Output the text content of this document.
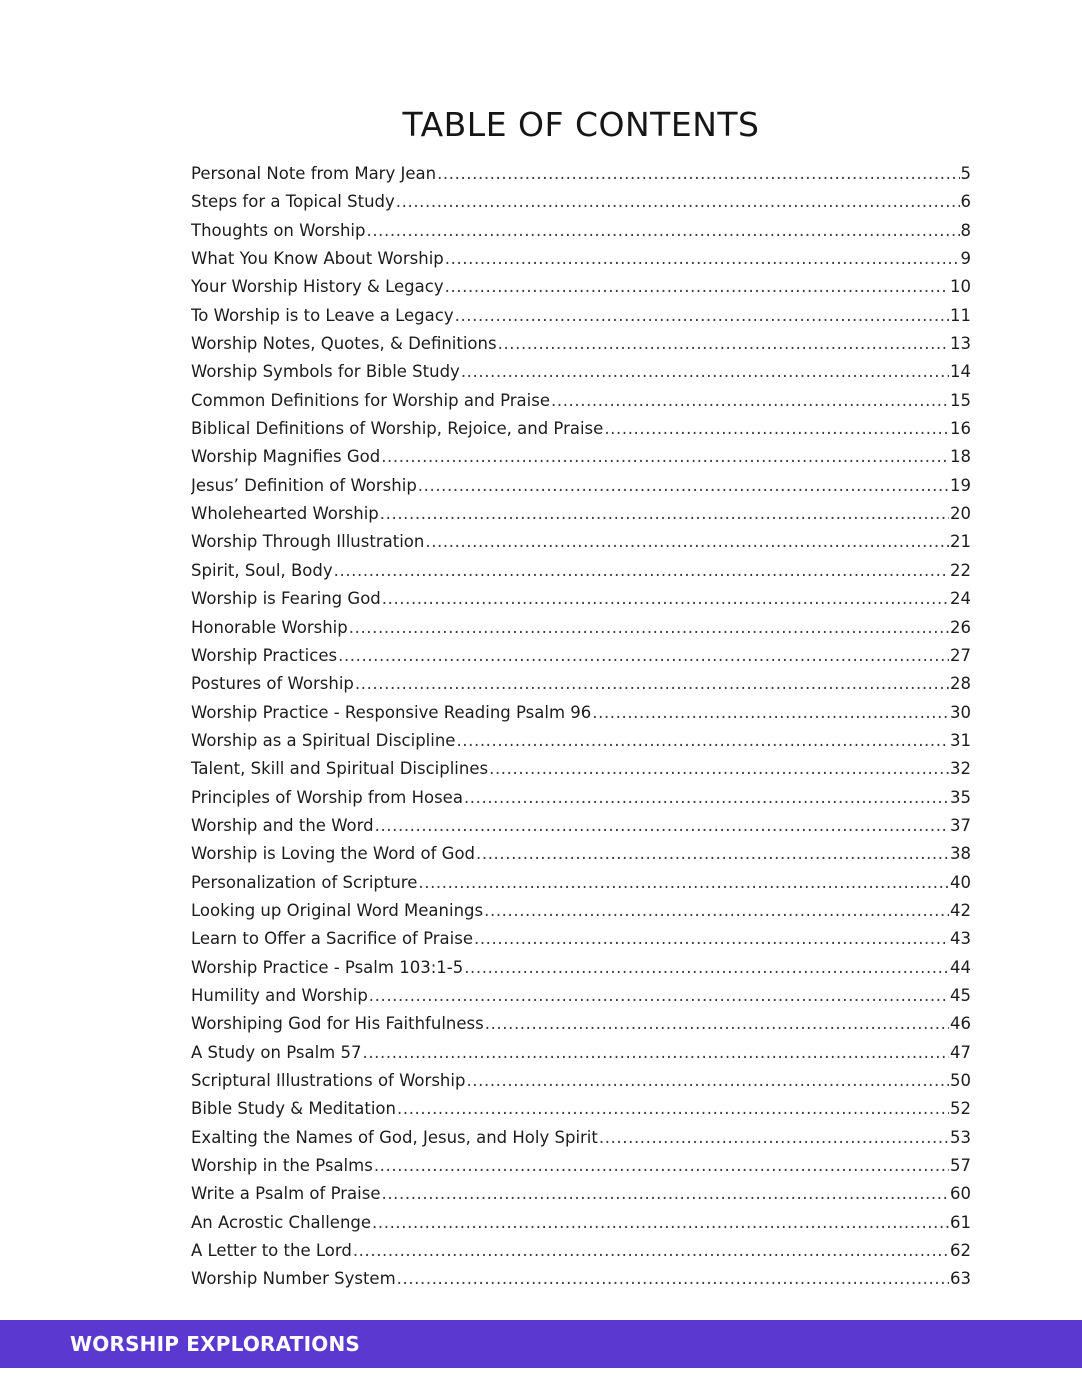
TABLE OF CONTENTS
Personal Note from Mary Jean .....	5
Steps for a Topical Study .....	6
Thoughts on Worship .....	8
What You Know About Worship .....	9
Your Worship History & Legacy .....	10
To Worship is to Leave a Legacy .....	11
Worship Notes, Quotes, & Definitions .....	13
Worship Symbols for Bible Study .....	14
Common Definitions for Worship and Praise .....	15
Biblical Definitions of Worship, Rejoice, and Praise .....	16
Worship Magnifies God .....	18
Jesus’ Definition of Worship .....	19
Wholehearted Worship .....	20
Worship Through Illustration .....	21
Spirit, Soul, Body .....	22
Worship is Fearing God .....	24
Honorable Worship .....	26
Worship Practices .....	27
Postures of Worship .....	28
Worship Practice - Responsive Reading Psalm 96 .....	30
Worship as a Spiritual Discipline .....	31
Talent, Skill and Spiritual Disciplines .....	32
Principles of Worship from Hosea .....	35
Worship and the Word .....	37
Worship is Loving the Word of God .....	38
Personalization of Scripture .....	40
Looking up Original Word Meanings .....	42
Learn to Offer a Sacrifice of Praise .....	43
Worship Practice - Psalm 103:1-5 .....	44
Humility and Worship .....	45
Worshiping God for His Faithfulness .....	46
A Study on Psalm 57 .....	47
Scriptural Illustrations of Worship .....	50
Bible Study & Meditation .....	52
Exalting the Names of God, Jesus, and Holy Spirit .....	53
Worship in the Psalms .....	57
Write a Psalm of Praise .....	60
An Acrostic Challenge .....	61
A Letter to the Lord .....	62
Worship Number System .....	63
WORSHIP EXPLORATIONS
